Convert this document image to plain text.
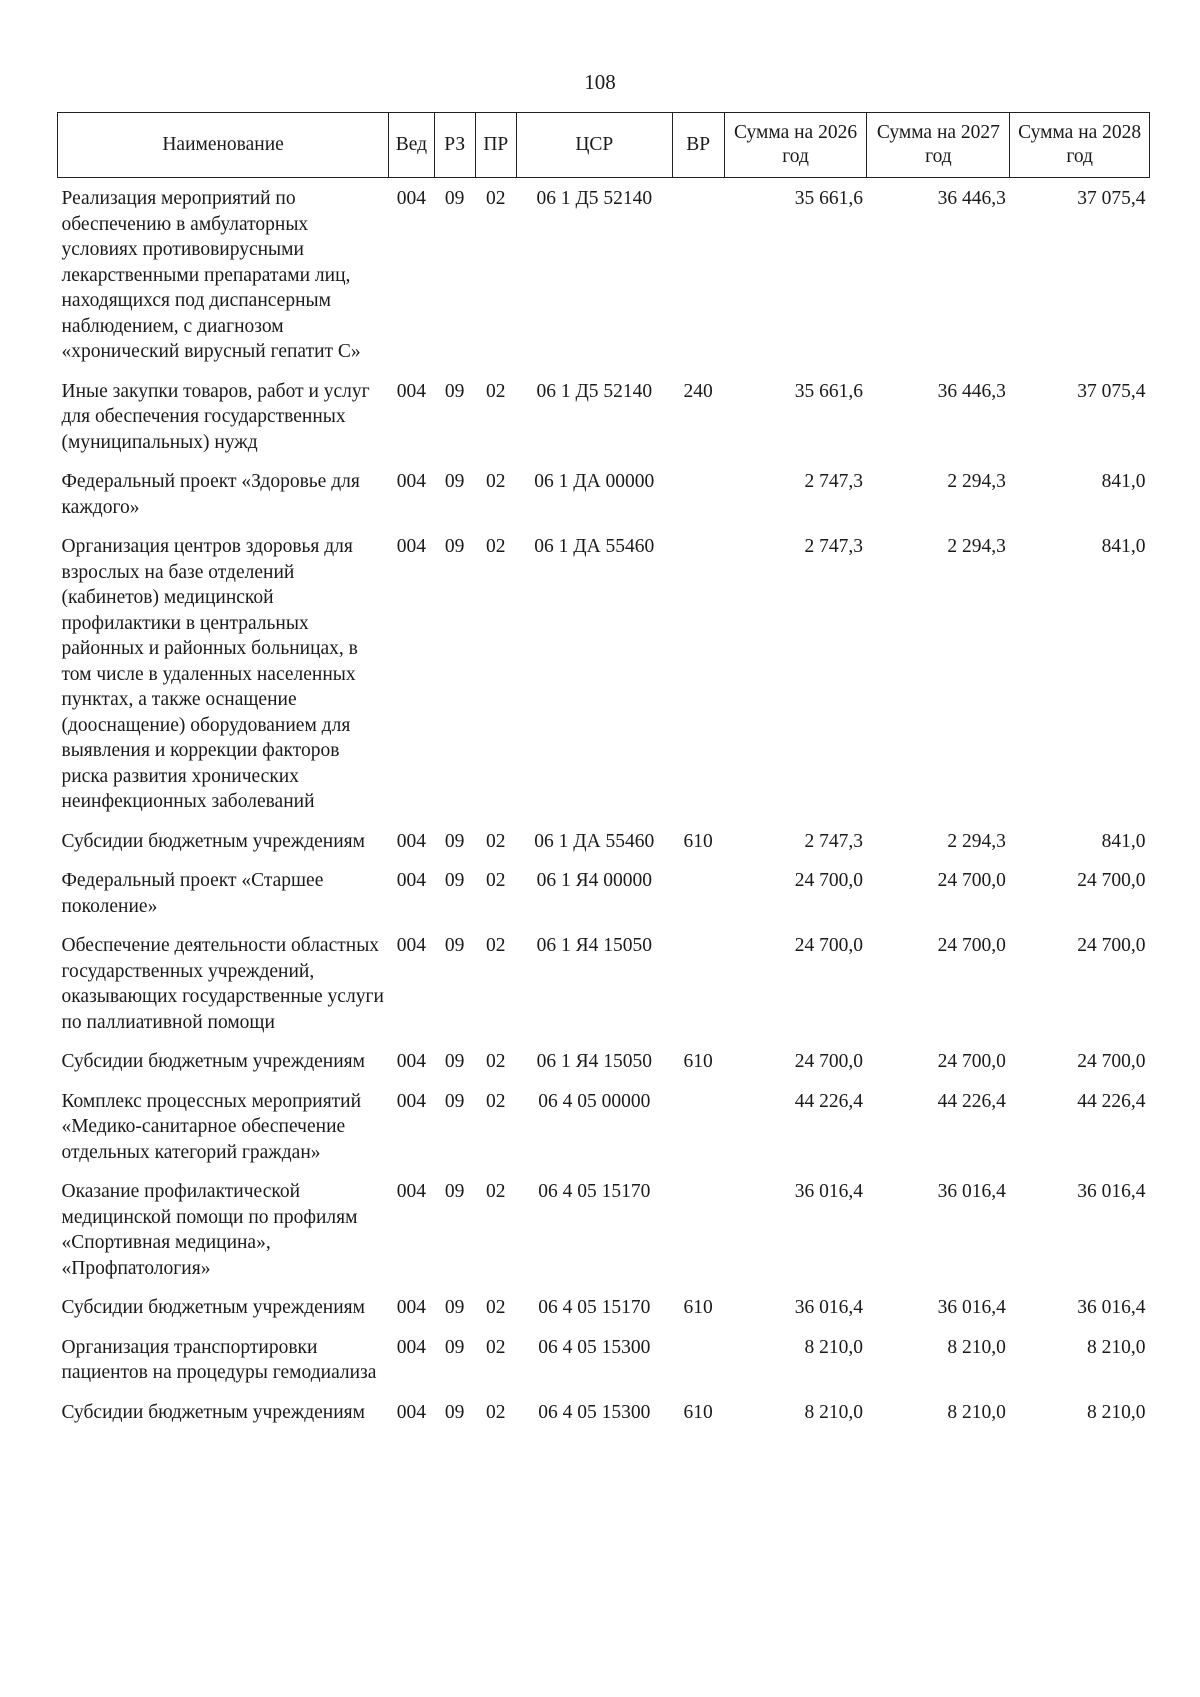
108
Наименование	Вед	РЗ	ПР	ЦСР	ВР	Сумма на 2026 год	Сумма на 2027 год	Сумма на 2028 год
Реализация мероприятий по обеспечению в амбулаторных условиях противовирусными лекарственными препаратами лиц, находящихся под диспансерным наблюдением, с диагнозом «хронический вирусный гепатит С»	004	09	02	06 1 Д5 52140		35 661,6	36 446,3	37 075,4
Иные закупки товаров, работ и услуг для обеспечения государственных (муниципальных) нужд	004	09	02	06 1 Д5 52140	240	35 661,6	36 446,3	37 075,4
Федеральный проект «Здоровье для каждого»	004	09	02	06 1 ДА 00000		2 747,3	2 294,3	841,0
Организация центров здоровья для взрослых на базе отделений (кабинетов) медицинской профилактики в центральных районных и районных больницах, в том числе в удаленных населенных пунктах, а также оснащение (дооснащение) оборудованием для выявления и коррекции факторов риска развития хронических неинфекционных заболеваний	004	09	02	06 1 ДА 55460		2 747,3	2 294,3	841,0
Субсидии бюджетным учреждениям	004	09	02	06 1 ДА 55460	610	2 747,3	2 294,3	841,0
Федеральный проект «Старшее поколение»	004	09	02	06 1 Я4 00000		24 700,0	24 700,0	24 700,0
Обеспечение деятельности областных государственных учреждений, оказывающих государственные услуги по паллиативной помощи	004	09	02	06 1 Я4 15050		24 700,0	24 700,0	24 700,0
Субсидии бюджетным учреждениям	004	09	02	06 1 Я4 15050	610	24 700,0	24 700,0	24 700,0
Комплекс процессных мероприятий «Медико-санитарное обеспечение отдельных категорий граждан»	004	09	02	06 4 05 00000		44 226,4	44 226,4	44 226,4
Оказание профилактической медицинской помощи по профилям «Спортивная медицина», «Профпатология»	004	09	02	06 4 05 15170		36 016,4	36 016,4	36 016,4
Субсидии бюджетным учреждениям	004	09	02	06 4 05 15170	610	36 016,4	36 016,4	36 016,4
Организация транспортировки пациентов на процедуры гемодиализа	004	09	02	06 4 05 15300		8 210,0	8 210,0	8 210,0
Субсидии бюджетным учреждениям	004	09	02	06 4 05 15300	610	8 210,0	8 210,0	8 210,0
